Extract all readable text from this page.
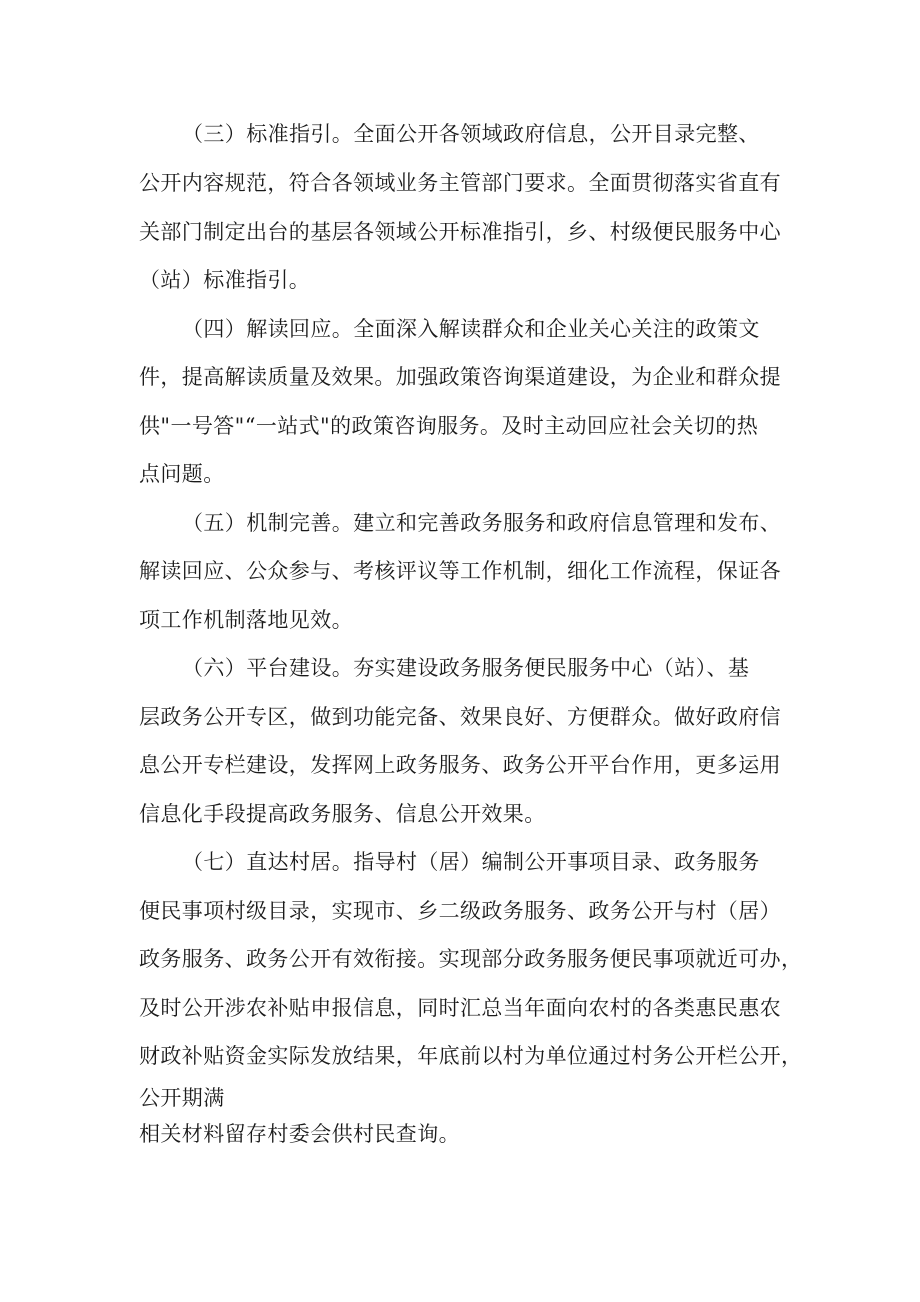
（三）标准指引。全面公开各领域政府信息，公开目录完整、
公开内容规范，符合各领域业务主管部门要求。全面贯彻落实省直有
关部门制定出台的基层各领域公开标准指引，乡、村级便民服务中心
（站）标准指引。
（四）解读回应。全面深入解读群众和企业关心关注的政策文
件，提高解读质量及效果。加强政策咨询渠道建设，为企业和群众提
供"一号答"“一站式"的政策咨询服务。及时主动回应社会关切的热
点问题。
（五）机制完善。建立和完善政务服务和政府信息管理和发布、
解读回应、公众参与、考核评议等工作机制，细化工作流程，保证各
项工作机制落地见效。
（六）平台建设。夯实建设政务服务便民服务中心（站）、基
层政务公开专区，做到功能完备、效果良好、方便群众。做好政府信
息公开专栏建设，发挥网上政务服务、政务公开平台作用，更多运用
信息化手段提高政务服务、信息公开效果。
（七）直达村居。指导村（居）编制公开事项目录、政务服务
便民事项村级目录，实现市、乡二级政务服务、政务公开与村（居）
政务服务、政务公开有效衔接。实现部分政务服务便民事项就近可办，
及时公开涉农补贴申报信息，同时汇总当年面向农村的各类惠民惠农
财政补贴资金实际发放结果，年底前以村为单位通过村务公开栏公开，
公开期满
相关材料留存村委会供村民查询。
